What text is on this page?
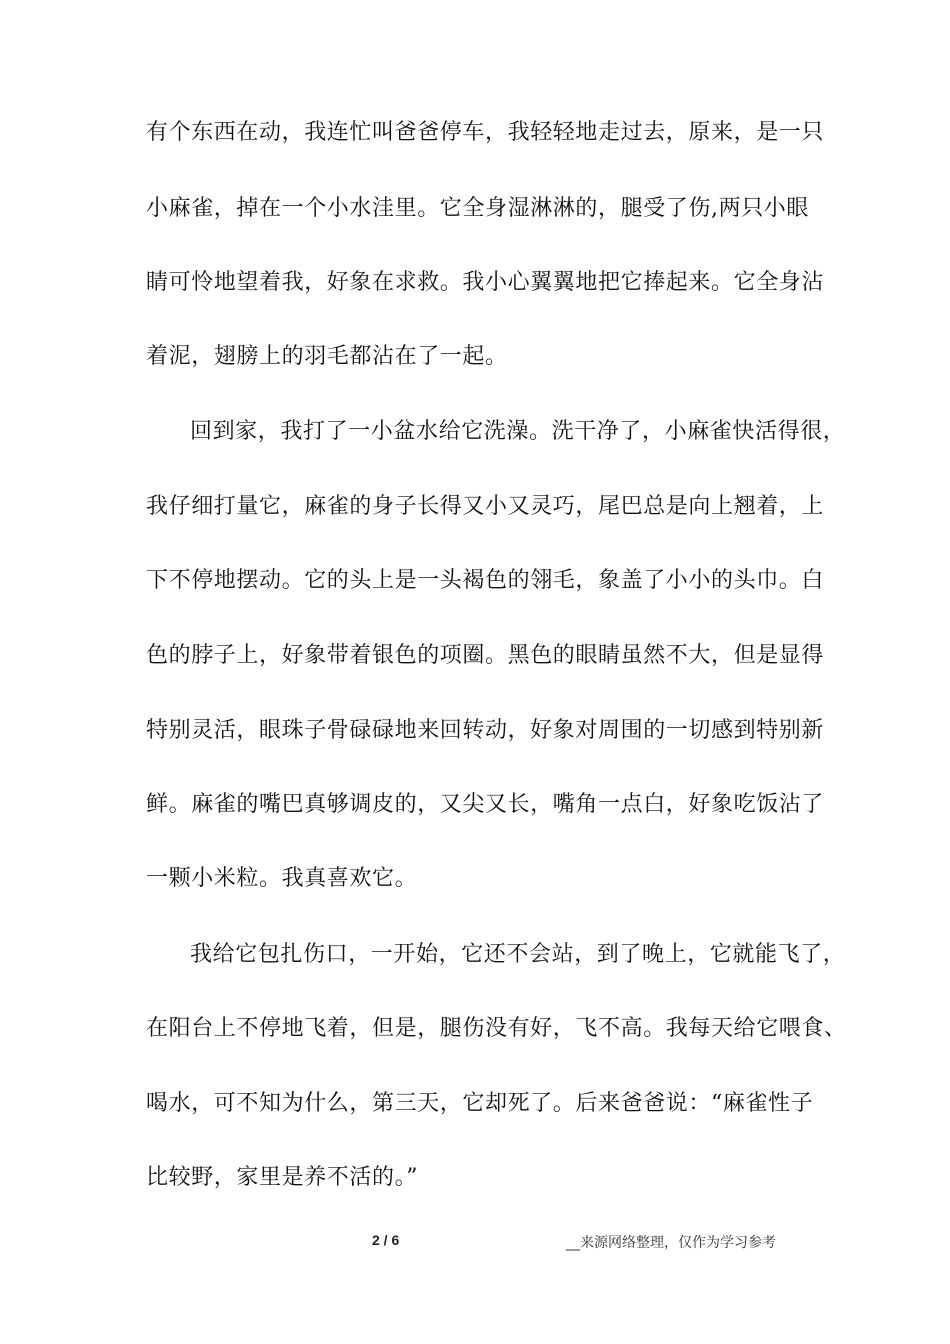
有个东西在动，我连忙叫爸爸停车，我轻轻地走过去，原来，是一只
小麻雀，掉在一个小水洼里。它全身湿淋淋的，腿受了伤,两只小眼
睛可怜地望着我，好象在求救。我小心翼翼地把它捧起来。它全身沾
着泥，翅膀上的羽毛都沾在了一起。
回到家，我打了一小盆水给它洗澡。洗干净了，小麻雀快活得很，
我仔细打量它，麻雀的身子长得又小又灵巧，尾巴总是向上翘着，上
下不停地摆动。它的头上是一头褐色的翎毛，象盖了小小的头巾。白
色的脖子上，好象带着银色的项圈。黑色的眼睛虽然不大，但是显得
特别灵活，眼珠子骨碌碌地来回转动，好象对周围的一切感到特别新
鲜。麻雀的嘴巴真够调皮的，又尖又长，嘴角一点白，好象吃饭沾了
一颗小米粒。我真喜欢它。
我给它包扎伤口，一开始，它还不会站，到了晚上，它就能飞了，
在阳台上不停地飞着，但是，腿伤没有好，飞不高。我每天给它喂食、
喝水，可不知为什么，第三天，它却死了。后来爸爸说：“麻雀性子
比较野，家里是养不活的。”
2 / 6	__来源网络整理，仅作为学习参考
